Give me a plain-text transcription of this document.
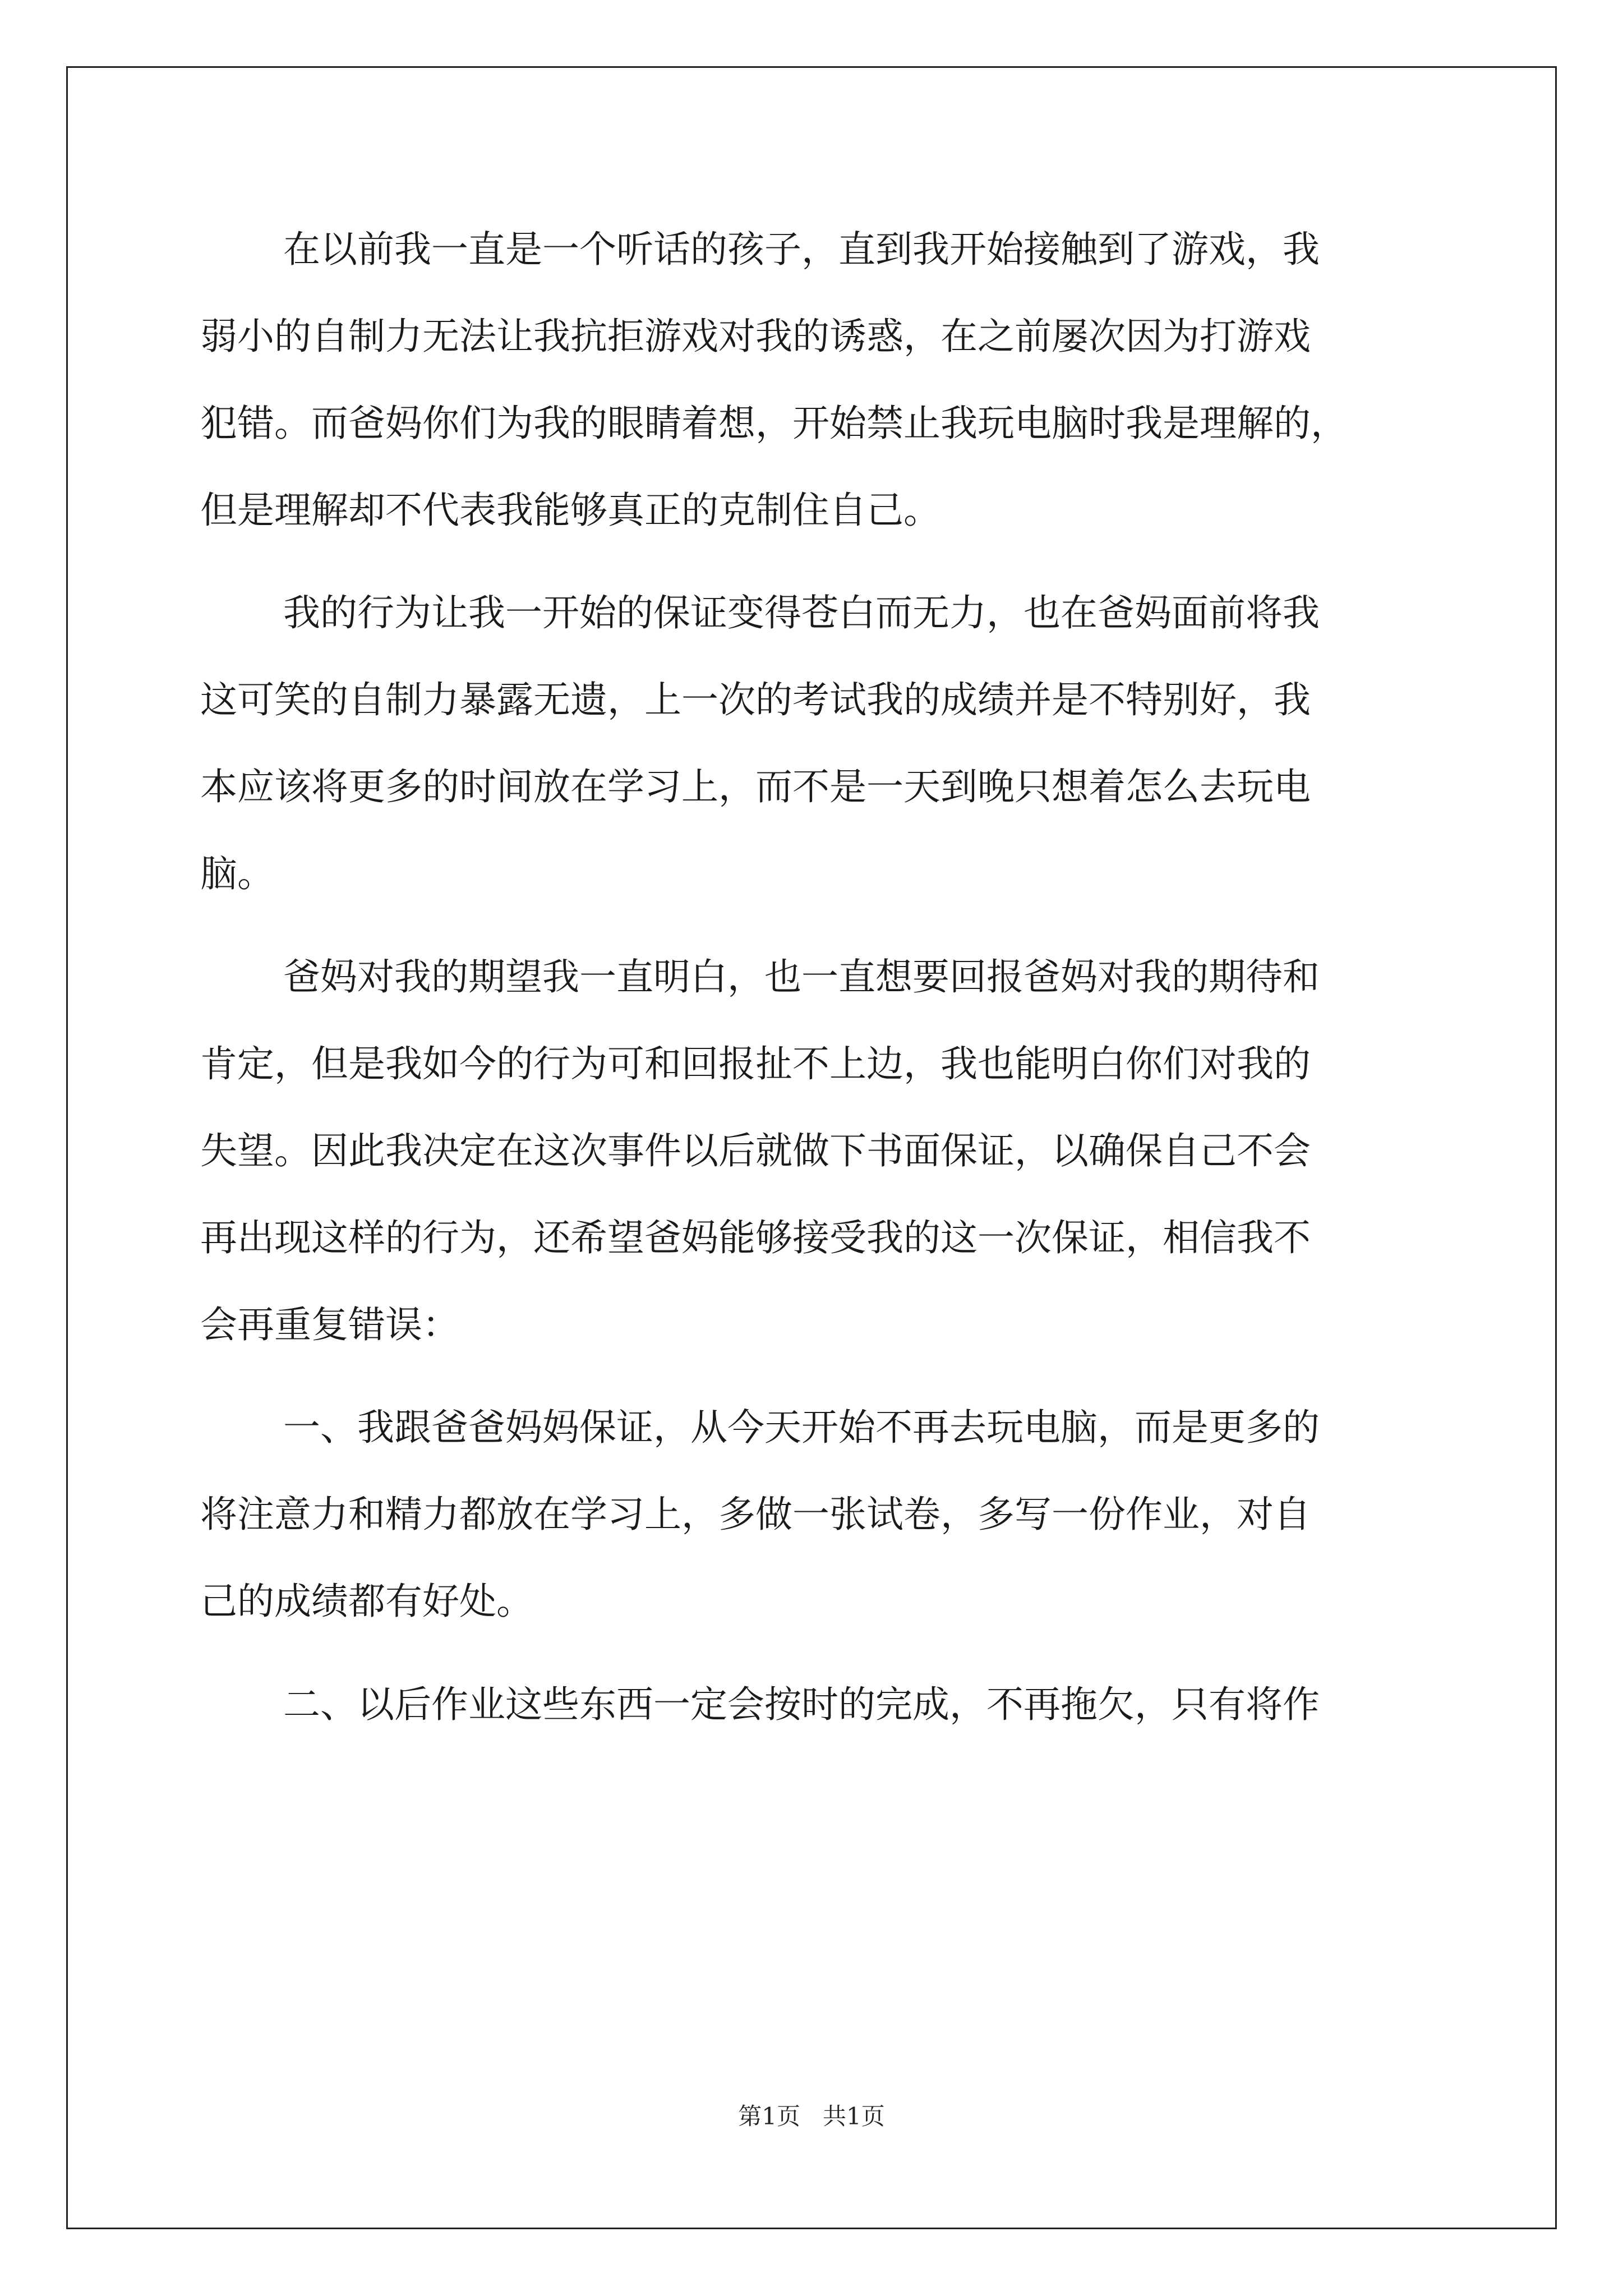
在以前我一直是一个听话的孩子，直到我开始接触到了游戏，我
弱小的自制力无法让我抗拒游戏对我的诱惑，在之前屡次因为打游戏
犯错。而爸妈你们为我的眼睛着想，开始禁止我玩电脑时我是理解的，
但是理解却不代表我能够真正的克制住自己。
我的行为让我一开始的保证变得苍白而无力，也在爸妈面前将我
这可笑的自制力暴露无遗，上一次的考试我的成绩并是不特别好，我
本应该将更多的时间放在学习上，而不是一天到晚只想着怎么去玩电
脑。
爸妈对我的期望我一直明白，也一直想要回报爸妈对我的期待和
肯定，但是我如今的行为可和回报扯不上边，我也能明白你们对我的
失望。因此我决定在这次事件以后就做下书面保证，以确保自己不会
再出现这样的行为，还希望爸妈能够接受我的这一次保证，相信我不
会再重复错误：
一、我跟爸爸妈妈保证，从今天开始不再去玩电脑，而是更多的
将注意力和精力都放在学习上，多做一张试卷，多写一份作业，对自
己的成绩都有好处。
二、以后作业这些东西一定会按时的完成，不再拖欠，只有将作
第1页   共1页
